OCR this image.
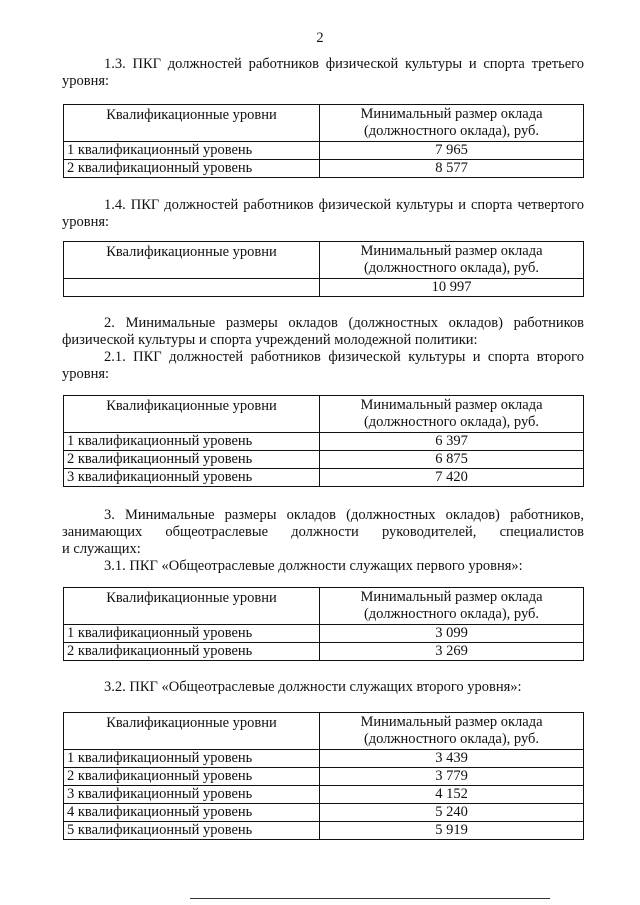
2

1.3. ПКГ должностей работников физической культуры и спорта третьего уровня:

Квалификационные уровни	Минимальный размер оклада (должностного оклада), руб.
1 квалификационный уровень	7 965
2 квалификационный уровень	8 577

1.4. ПКГ должностей работников физической культуры и спорта четвертого уровня:

Квалификационные уровни	Минимальный размер оклада (должностного оклада), руб.
	10 997

2. Минимальные размеры окладов (должностных окладов) работников физической культуры и спорта учреждений молодежной политики:

2.1. ПКГ должностей работников физической культуры и спорта второго уровня:

Квалификационные уровни	Минимальный размер оклада (должностного оклада), руб.
1 квалификационный уровень	6 397
2 квалификационный уровень	6 875
3 квалификационный уровень	7 420

3. Минимальные размеры окладов (должностных окладов) работников,

занимающих общеотраслевые должности руководителей, специалистов

и служащих:

3.1. ПКГ «Общеотраслевые должности служащих первого уровня»:

Квалификационные уровни	Минимальный размер оклада (должностного оклада), руб.
1 квалификационный уровень	3 099
2 квалификационный уровень	3 269

3.2. ПКГ «Общеотраслевые должности служащих второго уровня»:

Квалификационные уровни	Минимальный размер оклада (должностного оклада), руб.
1 квалификационный уровень	3 439
2 квалификационный уровень	3 779
3 квалификационный уровень	4 152
4 квалификационный уровень	5 240
5 квалификационный уровень	5 919
